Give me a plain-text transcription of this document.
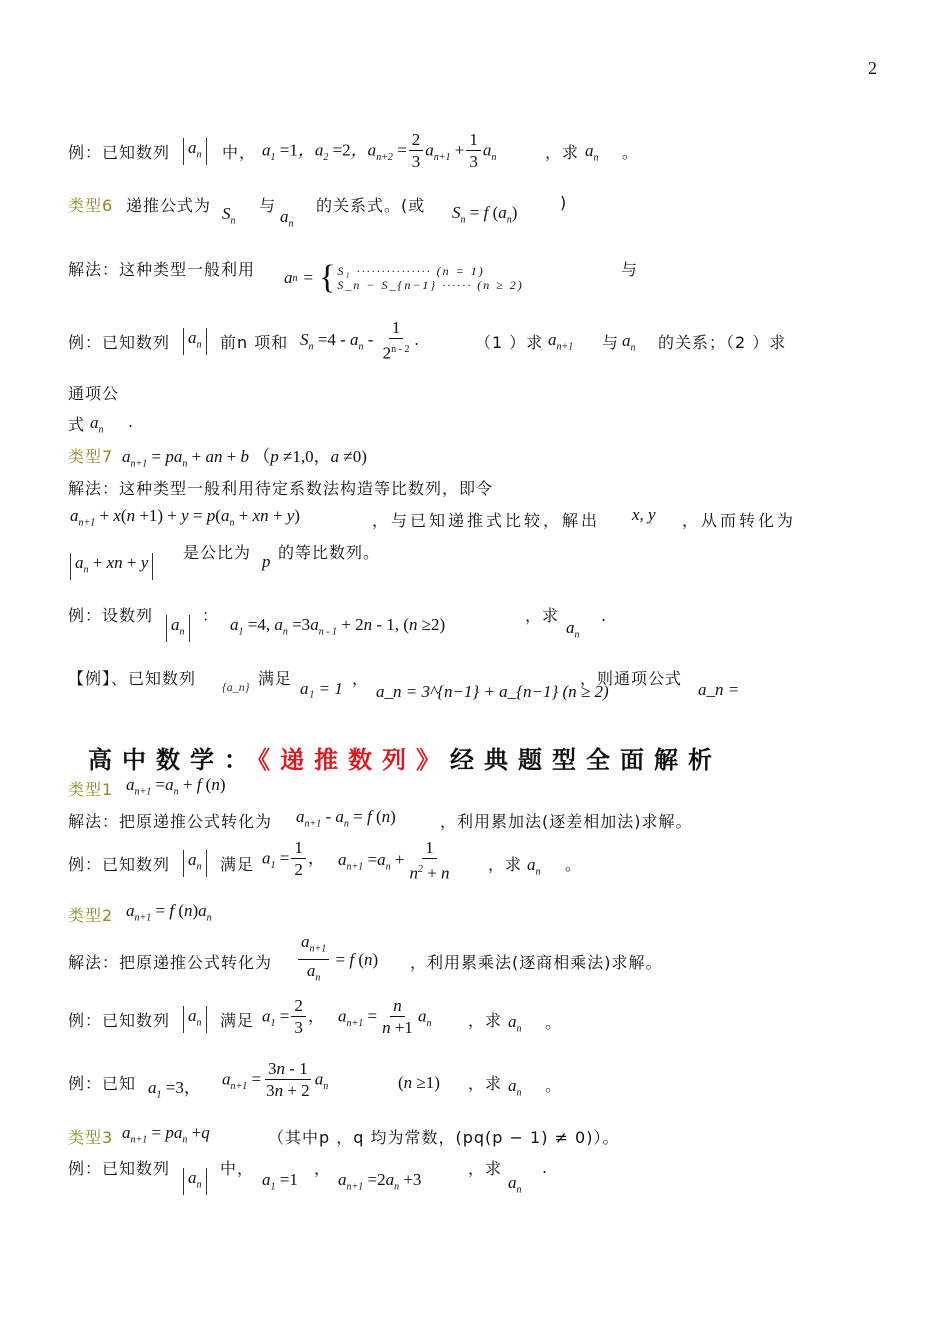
2
例：已知数列 $a_n$	中， $a_1 =1$，$a_2 =2$，$a_{n+2} = \frac{2}{3} a_{n+1} + \frac{1}{3} a_n$	，求 $a_n$ 。
类型6 递推公式为 $S_n$
与
$a_n$
的关系式。(或 $S_n = f$ $(a_n)$
)
解法：这种类型一般利用 a n = { S₁ ··············· (n = 1)
S_n − S_{n−1} ······ (n ≥ 2)
与
例：已知数列 $a_n$	前n 项和 $S_n =4 - a_n - \frac{1}{2^{n - 2}}$ .	（1 ）求 $a_{n+1}$ 与 $a_n$ 的关系；（2 ）求
通项公
式 $a_n$ .
类型7 $a_{n+1} = pa_n$ + an + b （p ≠1,0，a ≠0)
解法：这种类型一般利用待定系数法构造等比数列，即令
$a_{n+1} + x(n +1) + y = p(a_n$ + xn + y)	，与已知递推式比较，解出 x, y ，从而转化为
$a_n$ + xn + y
是公比为 p 的等比数列。
例：设数列 $a_n$
： $a_1 =4$, $a_n =3a_{n - 1} + 2n - 1$, (n ≥2)	，求
$a_n$
.
【例】、已知数列 {a_n} 满足
a₁ = 1
，
a_n = 3^{n−1} + a_{n−1} (n ≥ 2)
，则通项公式
a_n =
高中数学：《递推数列》经典题型全面解析
类型1 $a_{n+1} =a_n + f$ (n)
解法：把原递推公式转化为 $a_{n+1} - a_n = f$ (n)	，利用累加法(逐差相加法)求解。
例：已知数列 $a_n$	满足 $a_1 = \frac{1}{2}$ ， $a_{n+1} =a_n + \frac{1}{n^2 + n}$ ，求 $a_n$ 。
类型2 $a_{n+1} = f$ $(n)a_n$
解法：把原递推公式转化为 $\frac{a_{n+1}}{a_n} = f$ (n) ，利用累乘法(逐商相乘法)求解。
例：已知数列 $a_n$	满足 $a_1 = \frac{2}{3}$ ， $a_{n+1} = \frac{n}{n +1} a_n$ ，求 $a_n$ 。
例：已知 $a_1 =3$， $a_{n+1} = \frac{3n - 1}{3n + 2} a_n$	(n ≥1) ，求 $a_n$ 。
类型3 $a_{n+1} = pa_n +q$	（其中p ，q 均为常数，(pq(p − 1) ≠ 0)）。
例：已知数列 $a_n$
中，
$a_1 =1$
，
$a_{n+1} =2a_n +3$
，求
$a_n$
.
